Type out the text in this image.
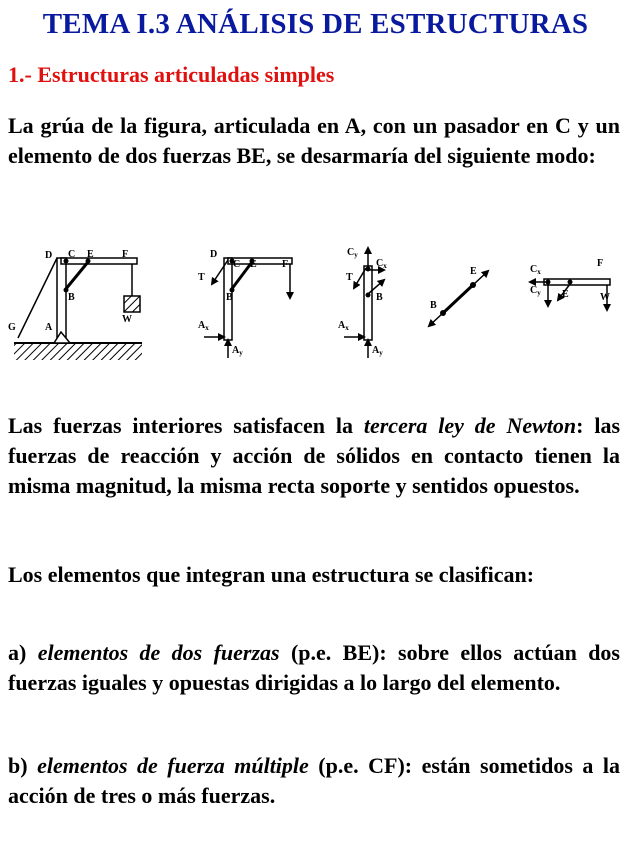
TEMA I.3 ANÁLISIS DE ESTRUCTURAS
1.- Estructuras articuladas simples
La grúa de la figura, articulada en A, con un pasador en C y un elemento de dos fuerzas BE, se desarmaría del siguiente modo:
D C E	F
B
G	A
W
D
C E	F
T
B
$A_x$
$A_y$
$C_y$
T
$C_x$
B
$A_x$
$A_y$
E
B
$C_x$
F
$C_y$ E	W
Las fuerzas interiores satisfacen la tercera ley de Newton: las fuerzas de reacción y acción de sólidos en contacto tienen la misma magnitud, la misma recta soporte y sentidos opuestos.
Los elementos que integran una estructura se clasifican:
a) elementos de dos fuerzas (p.e. BE): sobre ellos actúan dos fuerzas iguales y opuestas dirigidas a lo largo del elemento.
b) elementos de fuerza múltiple (p.e. CF): están sometidos a la acción de tres o más fuerzas.
